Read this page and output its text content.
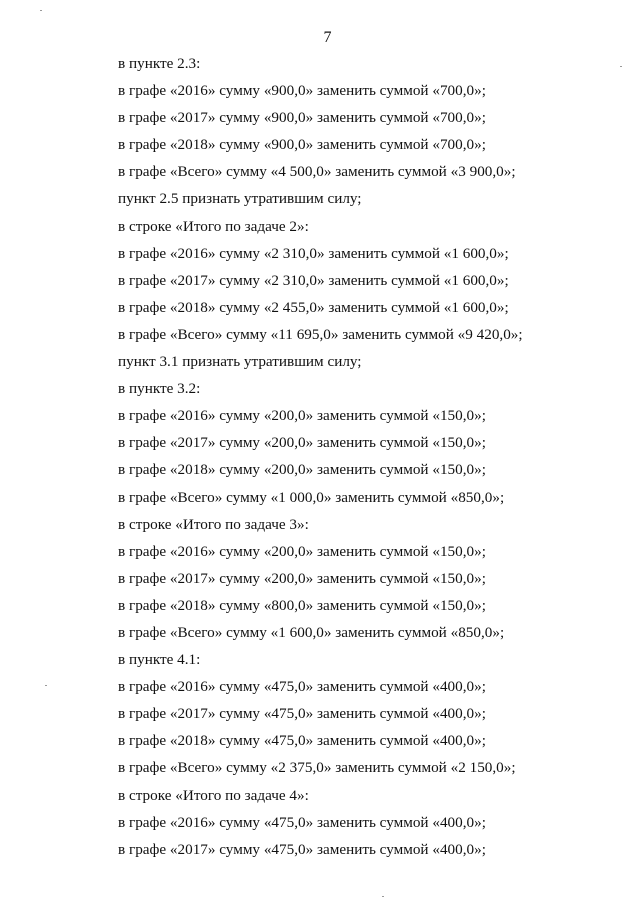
7
в пункте 2.3:
в графе «2016» сумму «900,0» заменить суммой «700,0»;
в графе «2017» сумму «900,0» заменить суммой «700,0»;
в графе «2018» сумму «900,0» заменить суммой «700,0»;
в графе «Всего» сумму «4 500,0» заменить суммой «3 900,0»;
пункт 2.5 признать утратившим силу;
в строке «Итого по задаче 2»:
в графе «2016» сумму «2 310,0» заменить суммой «1 600,0»;
в графе «2017» сумму «2 310,0» заменить суммой «1 600,0»;
в графе «2018» сумму «2 455,0» заменить суммой «1 600,0»;
в графе «Всего» сумму «11 695,0» заменить суммой «9 420,0»;
пункт 3.1 признать утратившим силу;
в пункте 3.2:
в графе «2016» сумму «200,0» заменить суммой «150,0»;
в графе «2017» сумму «200,0» заменить суммой «150,0»;
в графе «2018» сумму «200,0» заменить суммой «150,0»;
в графе «Всего» сумму «1 000,0» заменить суммой «850,0»;
в строке «Итого по задаче 3»:
в графе «2016» сумму «200,0» заменить суммой «150,0»;
в графе «2017» сумму «200,0» заменить суммой «150,0»;
в графе «2018» сумму «800,0» заменить суммой «150,0»;
в графе «Всего» сумму «1 600,0» заменить суммой «850,0»;
в пункте 4.1:
в графе «2016» сумму «475,0» заменить суммой «400,0»;
в графе «2017» сумму «475,0» заменить суммой «400,0»;
в графе «2018» сумму «475,0» заменить суммой «400,0»;
в графе «Всего» сумму «2 375,0» заменить суммой «2 150,0»;
в строке «Итого по задаче 4»:
в графе «2016» сумму «475,0» заменить суммой «400,0»;
в графе «2017» сумму «475,0» заменить суммой «400,0»;
